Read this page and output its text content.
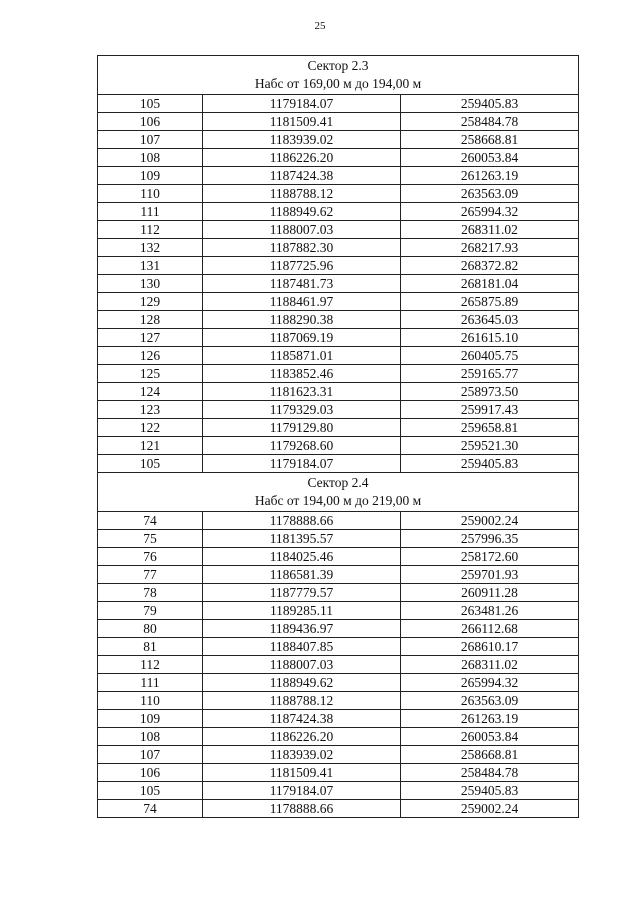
25
Сектор 2.3
Набс от 169,00 м до 194,00 м		

105	1179184.07	259405.83
106	1181509.41	258484.78
107	1183939.02	258668.81
108	1186226.20	260053.84
109	1187424.38	261263.19
110	1188788.12	263563.09
111	1188949.62	265994.32
112	1188007.03	268311.02
132	1187882.30	268217.93
131	1187725.96	268372.82
130	1187481.73	268181.04
129	1188461.97	265875.89
128	1188290.38	263645.03
127	1187069.19	261615.10
126	1185871.01	260405.75
125	1183852.46	259165.77
124	1181623.31	258973.50
123	1179329.03	259917.43
122	1179129.80	259658.81
121	1179268.60	259521.30
105	1179184.07	259405.83

Сектор 2.4
Набс от 194,00 м до 219,00 м		

74	1178888.66	259002.24
75	1181395.57	257996.35
76	1184025.46	258172.60
77	1186581.39	259701.93
78	1187779.57	260911.28
79	1189285.11	263481.26
80	1189436.97	266112.68
81	1188407.85	268610.17
112	1188007.03	268311.02
111	1188949.62	265994.32
110	1188788.12	263563.09
109	1187424.38	261263.19
108	1186226.20	260053.84
107	1183939.02	258668.81
106	1181509.41	258484.78
105	1179184.07	259405.83
74	1178888.66	259002.24
